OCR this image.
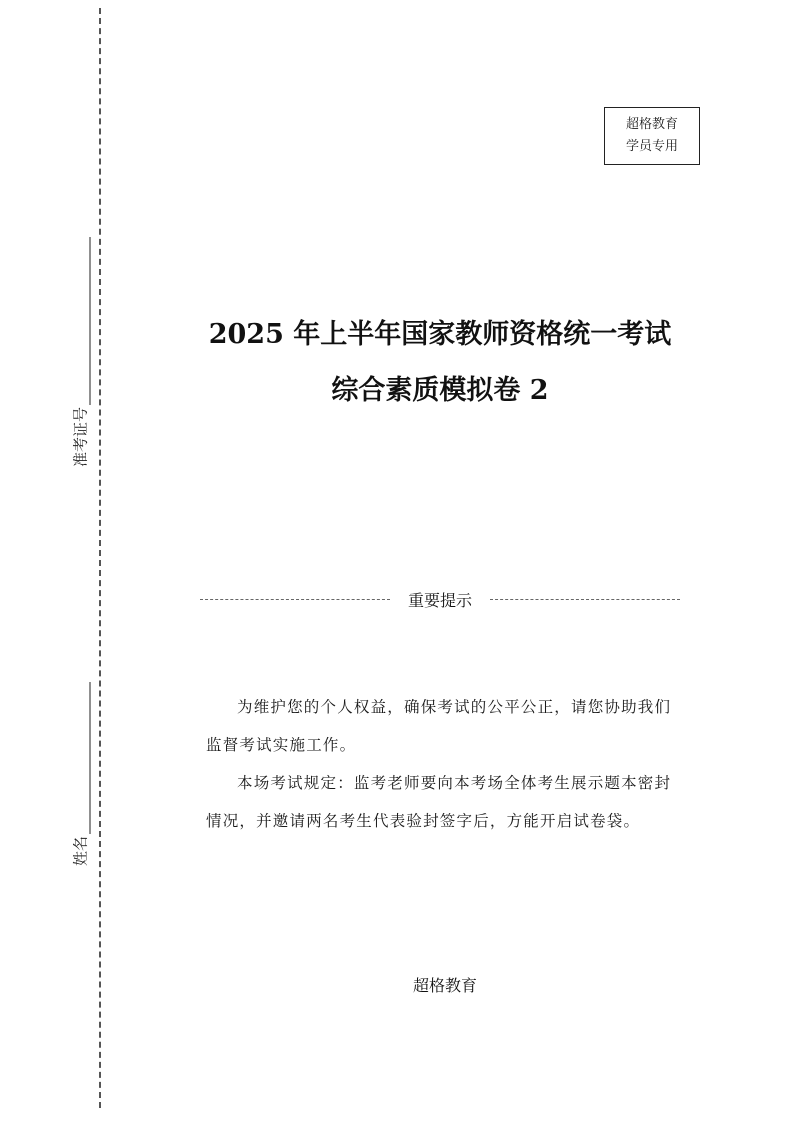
准考证号
姓名
超格教育
学员专用
2025 年上半年国家教师资格统一考试
综合素质模拟卷 2
重要提示

为维护您的个人权益，确保考试的公平公正，请您协助我们监督考试实施工作。

本场考试规定：监考老师要向本考场全体考生展示题本密封情况，并邀请两名考生代表验封签字后，方能开启试卷袋。

超格教育
